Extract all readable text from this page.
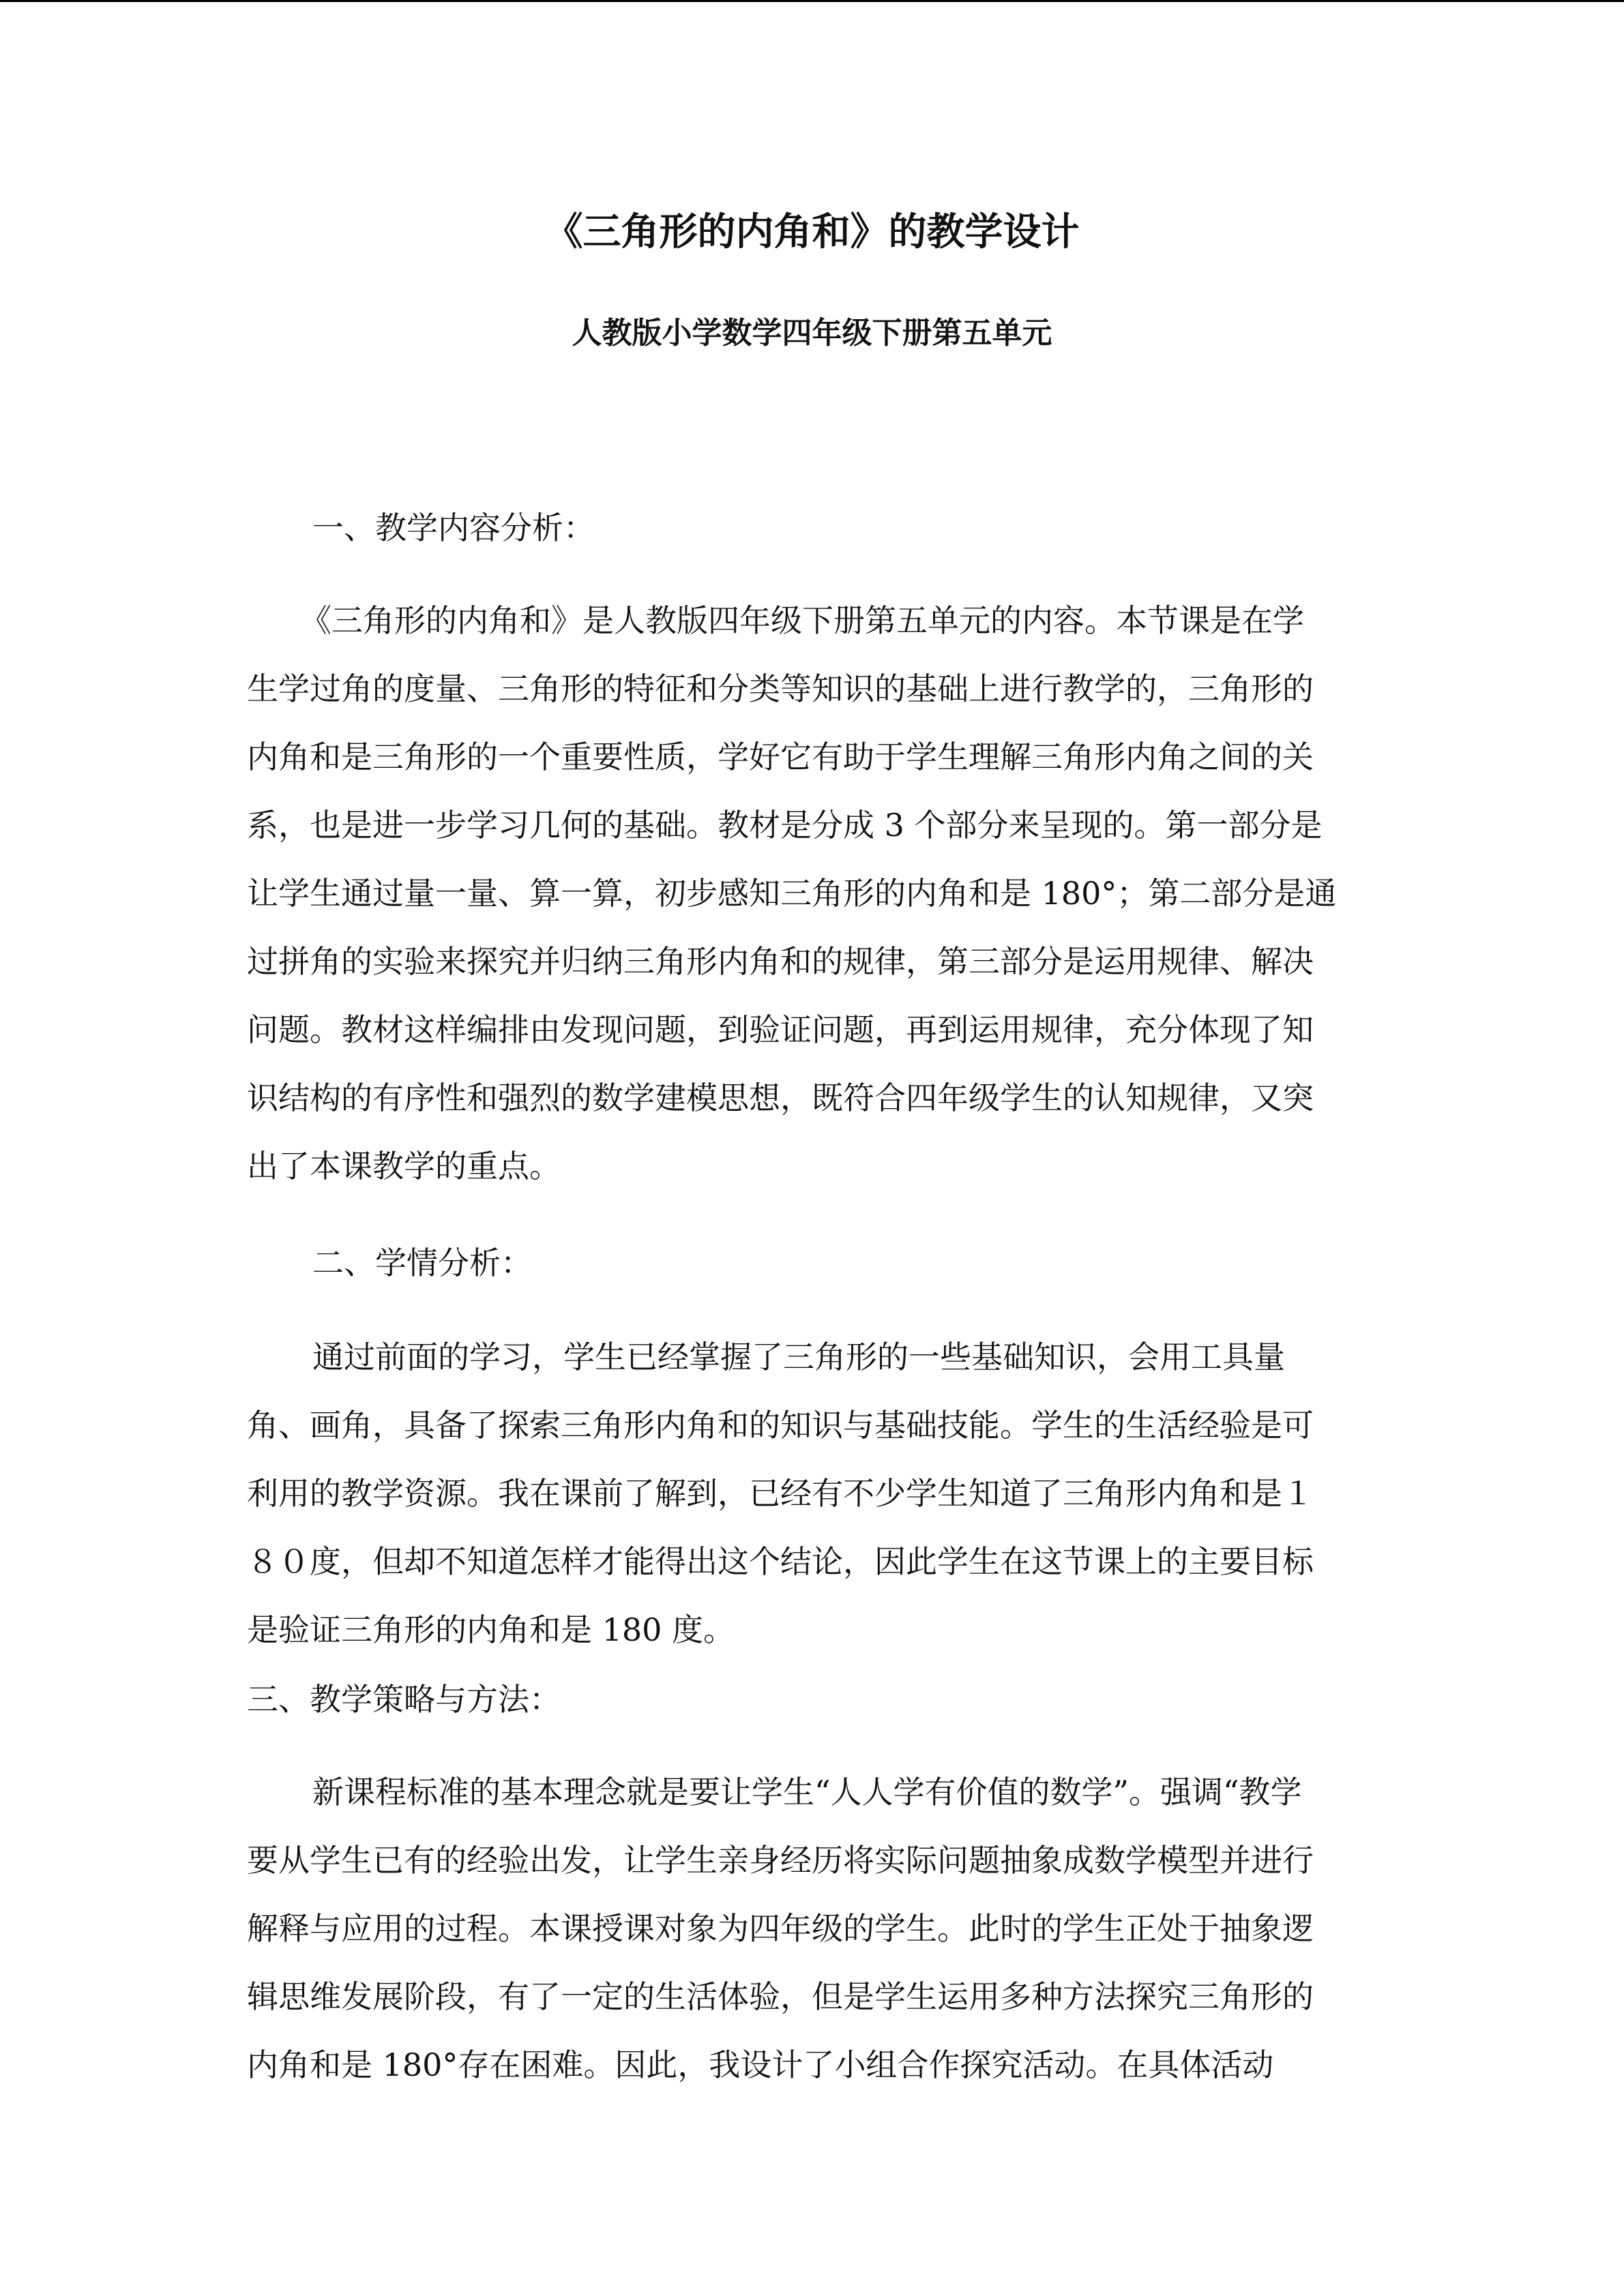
《三角形的内角和》的教学设计
人教版小学数学四年级下册第五单元
一、教学内容分析：
《三角形的内角和》是人教版四年级下册第五单元的内容。本节课是在学
生学过角的度量、三角形的特征和分类等知识的基础上进行教学的，三角形的
内角和是三角形的一个重要性质，学好它有助于学生理解三角形内角之间的关
系，也是进一步学习几何的基础。教材是分成 3 个部分来呈现的。第一部分是
让学生通过量一量、算一算，初步感知三角形的内角和是 180°；第二部分是通
过拼角的实验来探究并归纳三角形内角和的规律，第三部分是运用规律、解决
问题。教材这样编排由发现问题，到验证问题，再到运用规律，充分体现了知
识结构的有序性和强烈的数学建模思想，既符合四年级学生的认知规律，又突
出了本课教学的重点。
二、学情分析：
通过前面的学习，学生已经掌握了三角形的一些基础知识，会用工具量
角、画角，具备了探索三角形内角和的知识与基础技能。学生的生活经验是可
利用的教学资源。我在课前了解到，已经有不少学生知道了三角形内角和是１
８０度，但却不知道怎样才能得出这个结论，因此学生在这节课上的主要目标
是验证三角形的内角和是 180 度。
三、教学策略与方法：
新课程标准的基本理念就是要让学生“人人学有价值的数学”。强调“教学
要从学生已有的经验出发，让学生亲身经历将实际问题抽象成数学模型并进行
解释与应用的过程。本课授课对象为四年级的学生。此时的学生正处于抽象逻
辑思维发展阶段，有了一定的生活体验，但是学生运用多种方法探究三角形的
内角和是 180°存在困难。因此，我设计了小组合作探究活动。在具体活动
